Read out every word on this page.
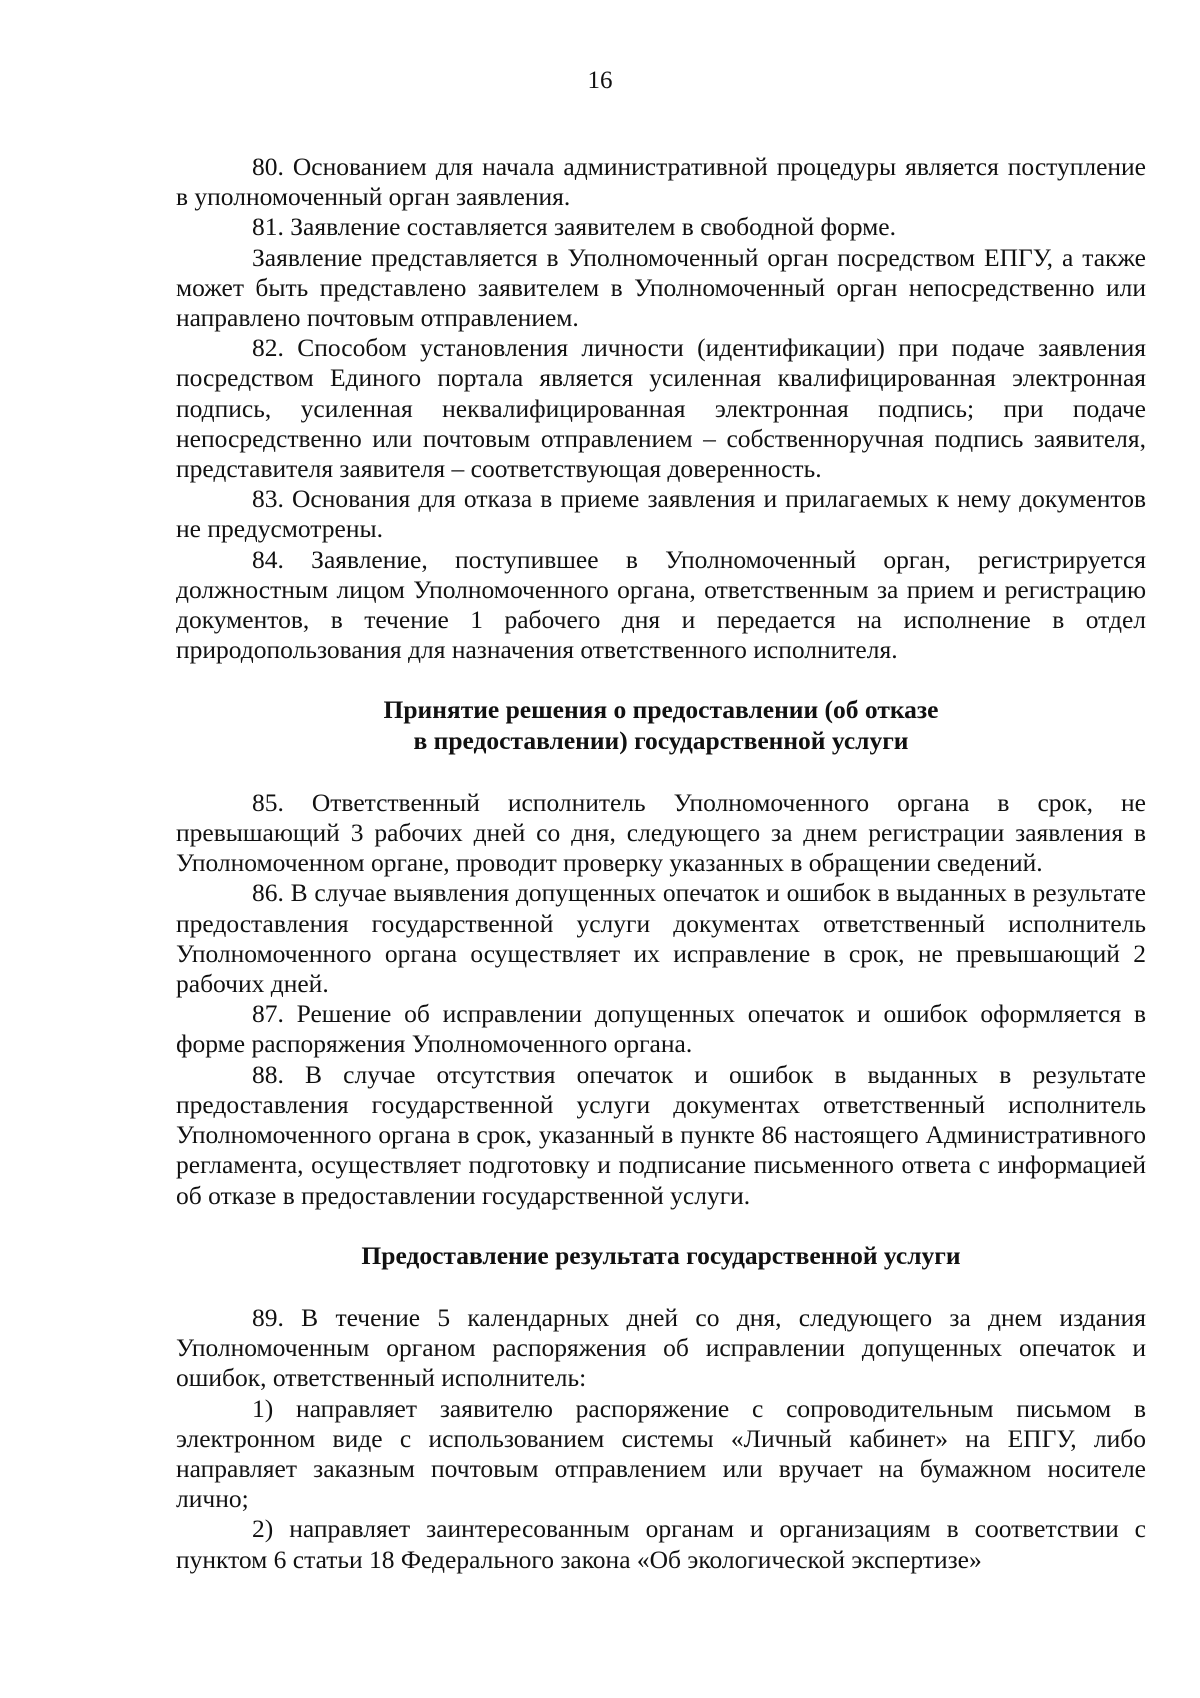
16

80. Основанием для начала административной процедуры является поступление в уполномоченный орган заявления.

81. Заявление составляется заявителем в свободной форме.

Заявление представляется в Уполномоченный орган посредством ЕПГУ, а также может быть представлено заявителем в Уполномоченный орган непосредственно или направлено почтовым отправлением.

82. Способом установления личности (идентификации) при подаче заявления посредством Единого портала является усиленная квалифицированная электронная подпись, усиленная неквалифицированная электронная подпись; при подаче непосредственно или почтовым отправлением – собственноручная подпись заявителя, представителя заявителя – соответствующая доверенность.

83. Основания для отказа в приеме заявления и прилагаемых к нему документов не предусмотрены.

84. Заявление, поступившее в Уполномоченный орган, регистрируется должностным лицом Уполномоченного органа, ответственным за прием и регистрацию документов, в течение 1 рабочего дня и передается на исполнение в отдел природопользования для назначения ответственного исполнителя.

Принятие решения о предоставлении (об отказе
в предоставлении) государственной услуги

85. Ответственный исполнитель Уполномоченного органа в срок, не превышающий 3 рабочих дней со дня, следующего за днем регистрации заявления в Уполномоченном органе, проводит проверку указанных в обращении сведений.

86. В случае выявления допущенных опечаток и ошибок в выданных в результате предоставления государственной услуги документах ответственный исполнитель Уполномоченного органа осуществляет их исправление в срок, не превышающий 2 рабочих дней.

87. Решение об исправлении допущенных опечаток и ошибок оформляется в форме распоряжения Уполномоченного органа.

88. В случае отсутствия опечаток и ошибок в выданных в результате предоставления государственной услуги документах ответственный исполнитель Уполномоченного органа в срок, указанный в пункте 86 настоящего Административного регламента, осуществляет подготовку и подписание письменного ответа с информацией об отказе в предоставлении государственной услуги.

Предоставление результата государственной услуги

89. В течение 5 календарных дней со дня, следующего за днем издания Уполномоченным органом распоряжения об исправлении допущенных опечаток и ошибок, ответственный исполнитель:

1) направляет заявителю распоряжение с сопроводительным письмом в электронном виде с использованием системы «Личный кабинет» на ЕПГУ, либо направляет заказным почтовым отправлением или вручает на бумажном носителе лично;

2) направляет заинтересованным органам и организациям в соответствии с пунктом 6 статьи 18 Федерального закона «Об экологической экспертизе»
